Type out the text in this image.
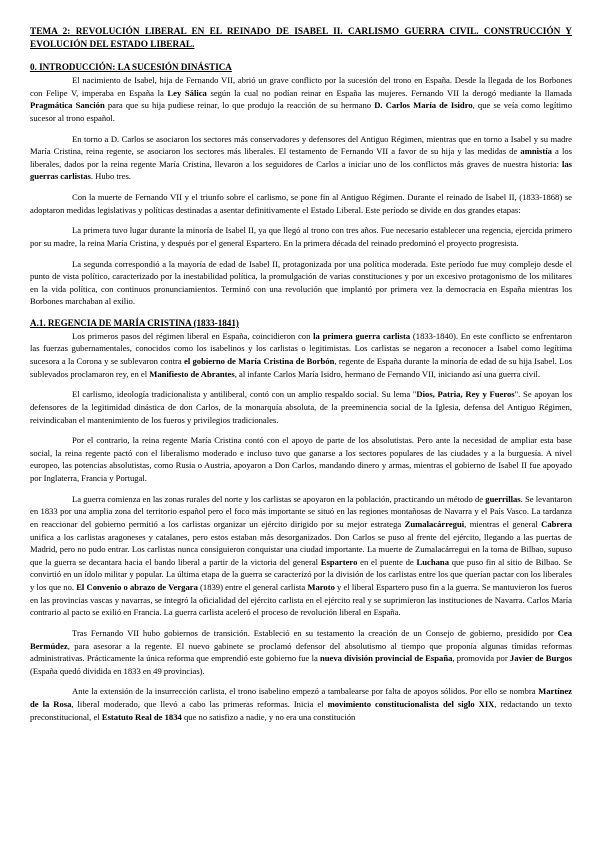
TEMA 2: REVOLUCIÓN LIBERAL EN EL REINADO DE ISABEL II. CARLISMO GUERRA CIVIL. CONSTRUCCIÓN Y EVOLUCIÓN DEL ESTADO LIBERAL.
0. INTRODUCCIÓN: LA SUCESIÓN DINÁSTICA

El nacimiento de Isabel, hija de Fernando VII, abrió un grave conflicto por la sucesión del trono en España. Desde la llegada de los Borbones con Felipe V, imperaba en España la Ley Sálica según la cual no podían reinar en España las mujeres. Fernando VII la derogó mediante la llamada Pragmática Sanción para que su hija pudiese reinar, lo que produjo la reacción de su hermano D. Carlos María de Isidro, que se veía como legítimo sucesor al trono español.

En torno a D. Carlos se asociaron los sectores más conservadores y defensores del Antiguo Régimen, mientras que en torno a Isabel y su madre María Cristina, reina regente, se asociaron los sectores más liberales. El testamento de Fernando VII a favor de su hija y las medidas de amnistía a los liberales, dados por la reina regente María Cristina, llevaron a los seguidores de Carlos a iniciar uno de los conflictos más graves de nuestra historia: las guerras carlistas. Hubo tres.

Con la muerte de Fernando VII y el triunfo sobre el carlismo, se pone fin al Antiguo Régimen. Durante el reinado de Isabel II, (1833-1868) se adoptaron medidas legislativas y políticas destinadas a asentar definitivamente el Estado Liberal. Este período se divide en dos grandes etapas:

La primera tuvo lugar durante la minoría de Isabel II, ya que llegó al trono con tres años. Fue necesario establecer una regencia, ejercida primero por su madre, la reina María Cristina, y después por el general Espartero. En la primera década del reinado predominó el proyecto progresista.

La segunda correspondió a la mayoría de edad de Isabel II, protagonizada por una política moderada. Este período fue muy complejo desde el punto de vista político, caracterizado por la inestabilidad política, la promulgación de varias constituciones y por un excesivo protagonismo de los militares en la vida política, con continuos pronunciamientos. Terminó con una revolución que implantó por primera vez la democracia en España mientras los Borbones marchaban al exilio.

A.1. REGENCIA DE MARÍA CRISTINA (1833-1841)

Los primeros pasos del régimen liberal en España, coincidieron con la primera guerra carlista (1833-1840). En este conflicto se enfrentaron las fuerzas gubernamentales, conocidos como los isabelinos y los carlistas o legitimistas. Los carlistas se negaron a reconocer a Isabel como legítima sucesora a la Corona y se sublevaron contra el gobierno de María Cristina de Borbón, regente de España durante la minoría de edad de su hija Isabel. Los sublevados proclamaron rey, en el Manifiesto de Abrantes, al infante Carlos María Isidro, hermano de Fernando VII, iniciando así una guerra civil.

El carlismo, ideología tradicionalista y antiliberal, contó con un amplio respaldo social. Su lema "Dios, Patria, Rey y Fueros". Se apoyan los defensores de la legitimidad dinástica de don Carlos, de la monarquía absoluta, de la preeminencia social de la Iglesia, defensa del Antiguo Régimen, reivindicaban el mantenimiento de los fueros y privilegios tradicionales.

Por el contrario, la reina regente María Cristina contó con el apoyo de parte de los absolutistas. Pero ante la necesidad de ampliar esta base social, la reina regente pactó con el liberalismo moderado e incluso tuvo que ganarse a los sectores populares de las ciudades y a la burguesía. A nivel europeo, las potencias absolutistas, como Rusia o Austria, apoyaron a Don Carlos, mandando dinero y armas, mientras el gobierno de Isabel II fue apoyado por Inglaterra, Francia y Portugal.

La guerra comienza en las zonas rurales del norte y los carlistas se apoyaron en la población, practicando un método de guerrillas. Se levantaron en 1833 por una amplia zona del territorio español pero el foco más importante se situó en las regiones montañosas de Navarra y el País Vasco. La tardanza en reaccionar del gobierno permitió a los carlistas organizar un ejército dirigido por su mejor estratega Zumalacárregui, mientras el general Cabrera unifica a los carlistas aragoneses y catalanes, pero estos estaban más desorganizados. Don Carlos se puso al frente del ejército, llegando a las puertas de Madrid, pero no pudo entrar. Los carlistas nunca consiguieron conquistar una ciudad importante. La muerte de Zumalacárregui en la toma de Bilbao, supuso que la guerra se decantara hacia el bando liberal a partir de la victoria del general Espartero en el puente de Luchana que puso fin al sitio de Bilbao. Se convirtió en un ídolo militar y popular. La última etapa de la guerra se caracterizó por la división de los carlistas entre los que querían pactar con los liberales y los que no. El Convenio o abrazo de Vergara (1839) entre el general carlista Maroto y el liberal Espartero puso fin a la guerra. Se mantuvieron los fueros en las provincias vascas y navarras, se integró la oficialidad del ejército carlista en el ejército real y se suprimieron las instituciones de Navarra. Carlos María contrario al pacto se exilió en Francia. La guerra carlista aceleró el proceso de revolución liberal en España.

Tras Fernando VII hubo gobiernos de transición. Estableció en su testamento la creación de un Consejo de gobierno, presidido por Cea Bermúdez, para asesorar a la regente. El nuevo gabinete se proclamó defensor del absolutismo al tiempo que proponía algunas tímidas reformas administrativas. Prácticamente la única reforma que emprendió este gobierno fue la nueva división provincial de España, promovida por Javier de Burgos (España quedó dividida en 1833 en 49 provincias).

Ante la extensión de la insurrección carlista, el trono isabelino empezó a tambalearse por falta de apoyos sólidos. Por ello se nombra Martínez de la Rosa, liberal moderado, que llevó a cabo las primeras reformas. Inicia el movimiento constitucionalista del siglo XIX, redactando un texto preconstitucional, el Estatuto Real de 1834 que no satisfizo a nadie, y no era una constitución
